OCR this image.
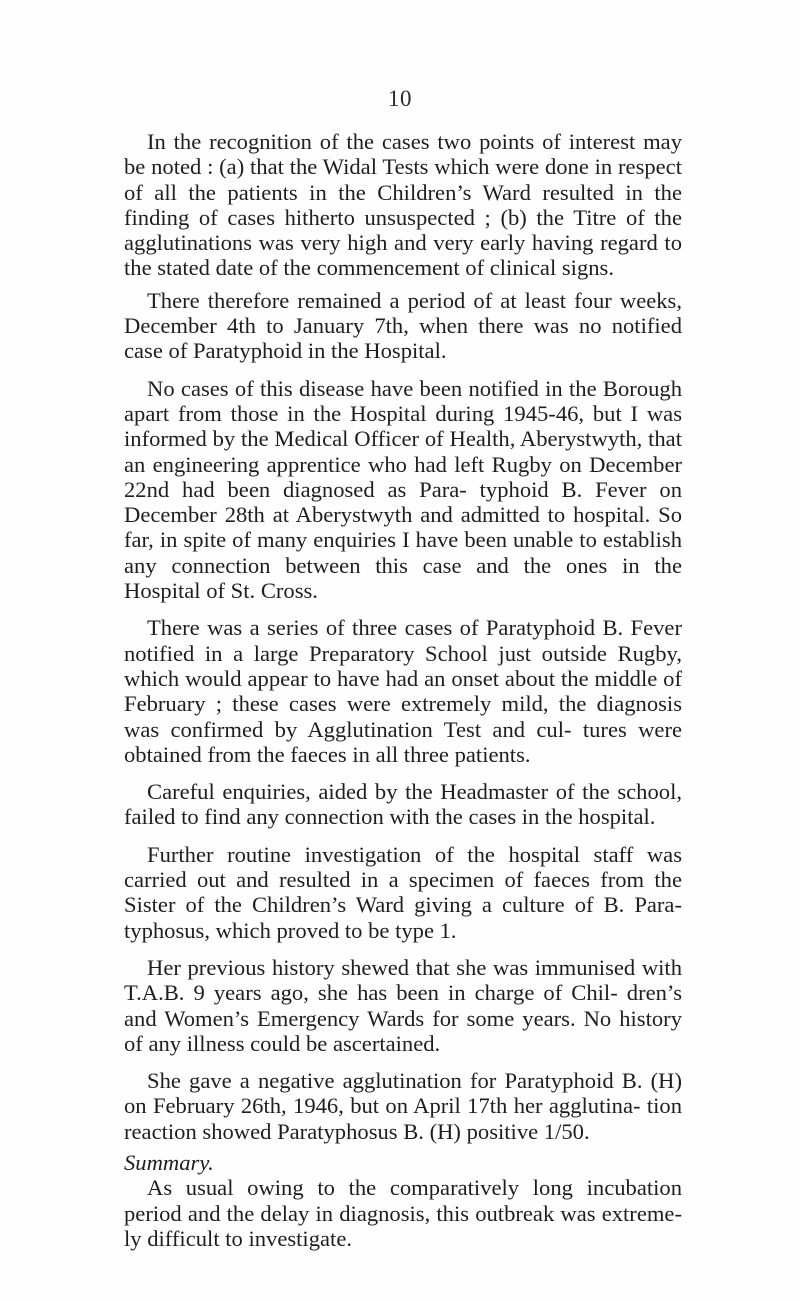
10

In the recognition of the cases two points of interest may be noted : (a) that the Widal Tests which were done in respect of all the patients in the Children’s Ward resulted in the finding of cases hitherto unsuspected ; (b) the Titre of the agglutinations was very high and very early having regard to the stated date of the commencement of clinical signs.

There therefore remained a period of at least four weeks, December 4th to January 7th, when there was no notified case of Paratyphoid in the Hospital.

No cases of this disease have been notified in the Borough apart from those in the Hospital during 1945-46, but I was informed by the Medical Officer of Health, Aberystwyth, that an engineering apprentice who had left Rugby on December 22nd had been diagnosed as Para- typhoid B. Fever on December 28th at Aberystwyth and admitted to hospital. So far, in spite of many enquiries I have been unable to establish any connection between this case and the ones in the Hospital of St. Cross.

There was a series of three cases of Paratyphoid B. Fever notified in a large Preparatory School just outside Rugby, which would appear to have had an onset about the middle of February ; these cases were extremely mild, the diagnosis was confirmed by Agglutination Test and cul- tures were obtained from the faeces in all three patients.

Careful enquiries, aided by the Headmaster of the school, failed to find any connection with the cases in the hospital.

Further routine investigation of the hospital staff was carried out and resulted in a specimen of faeces from the Sister of the Children’s Ward giving a culture of B. Para- typhosus, which proved to be type 1.

Her previous history shewed that she was immunised with T.A.B. 9 years ago, she has been in charge of Chil- dren’s and Women’s Emergency Wards for some years. No history of any illness could be ascertained.

She gave a negative agglutination for Paratyphoid B. (H) on February 26th, 1946, but on April 17th her agglutina- tion reaction showed Paratyphosus B. (H) positive 1/50.

Summary.

As usual owing to the comparatively long incubation period and the delay in diagnosis, this outbreak was extreme- ly difficult to investigate.
